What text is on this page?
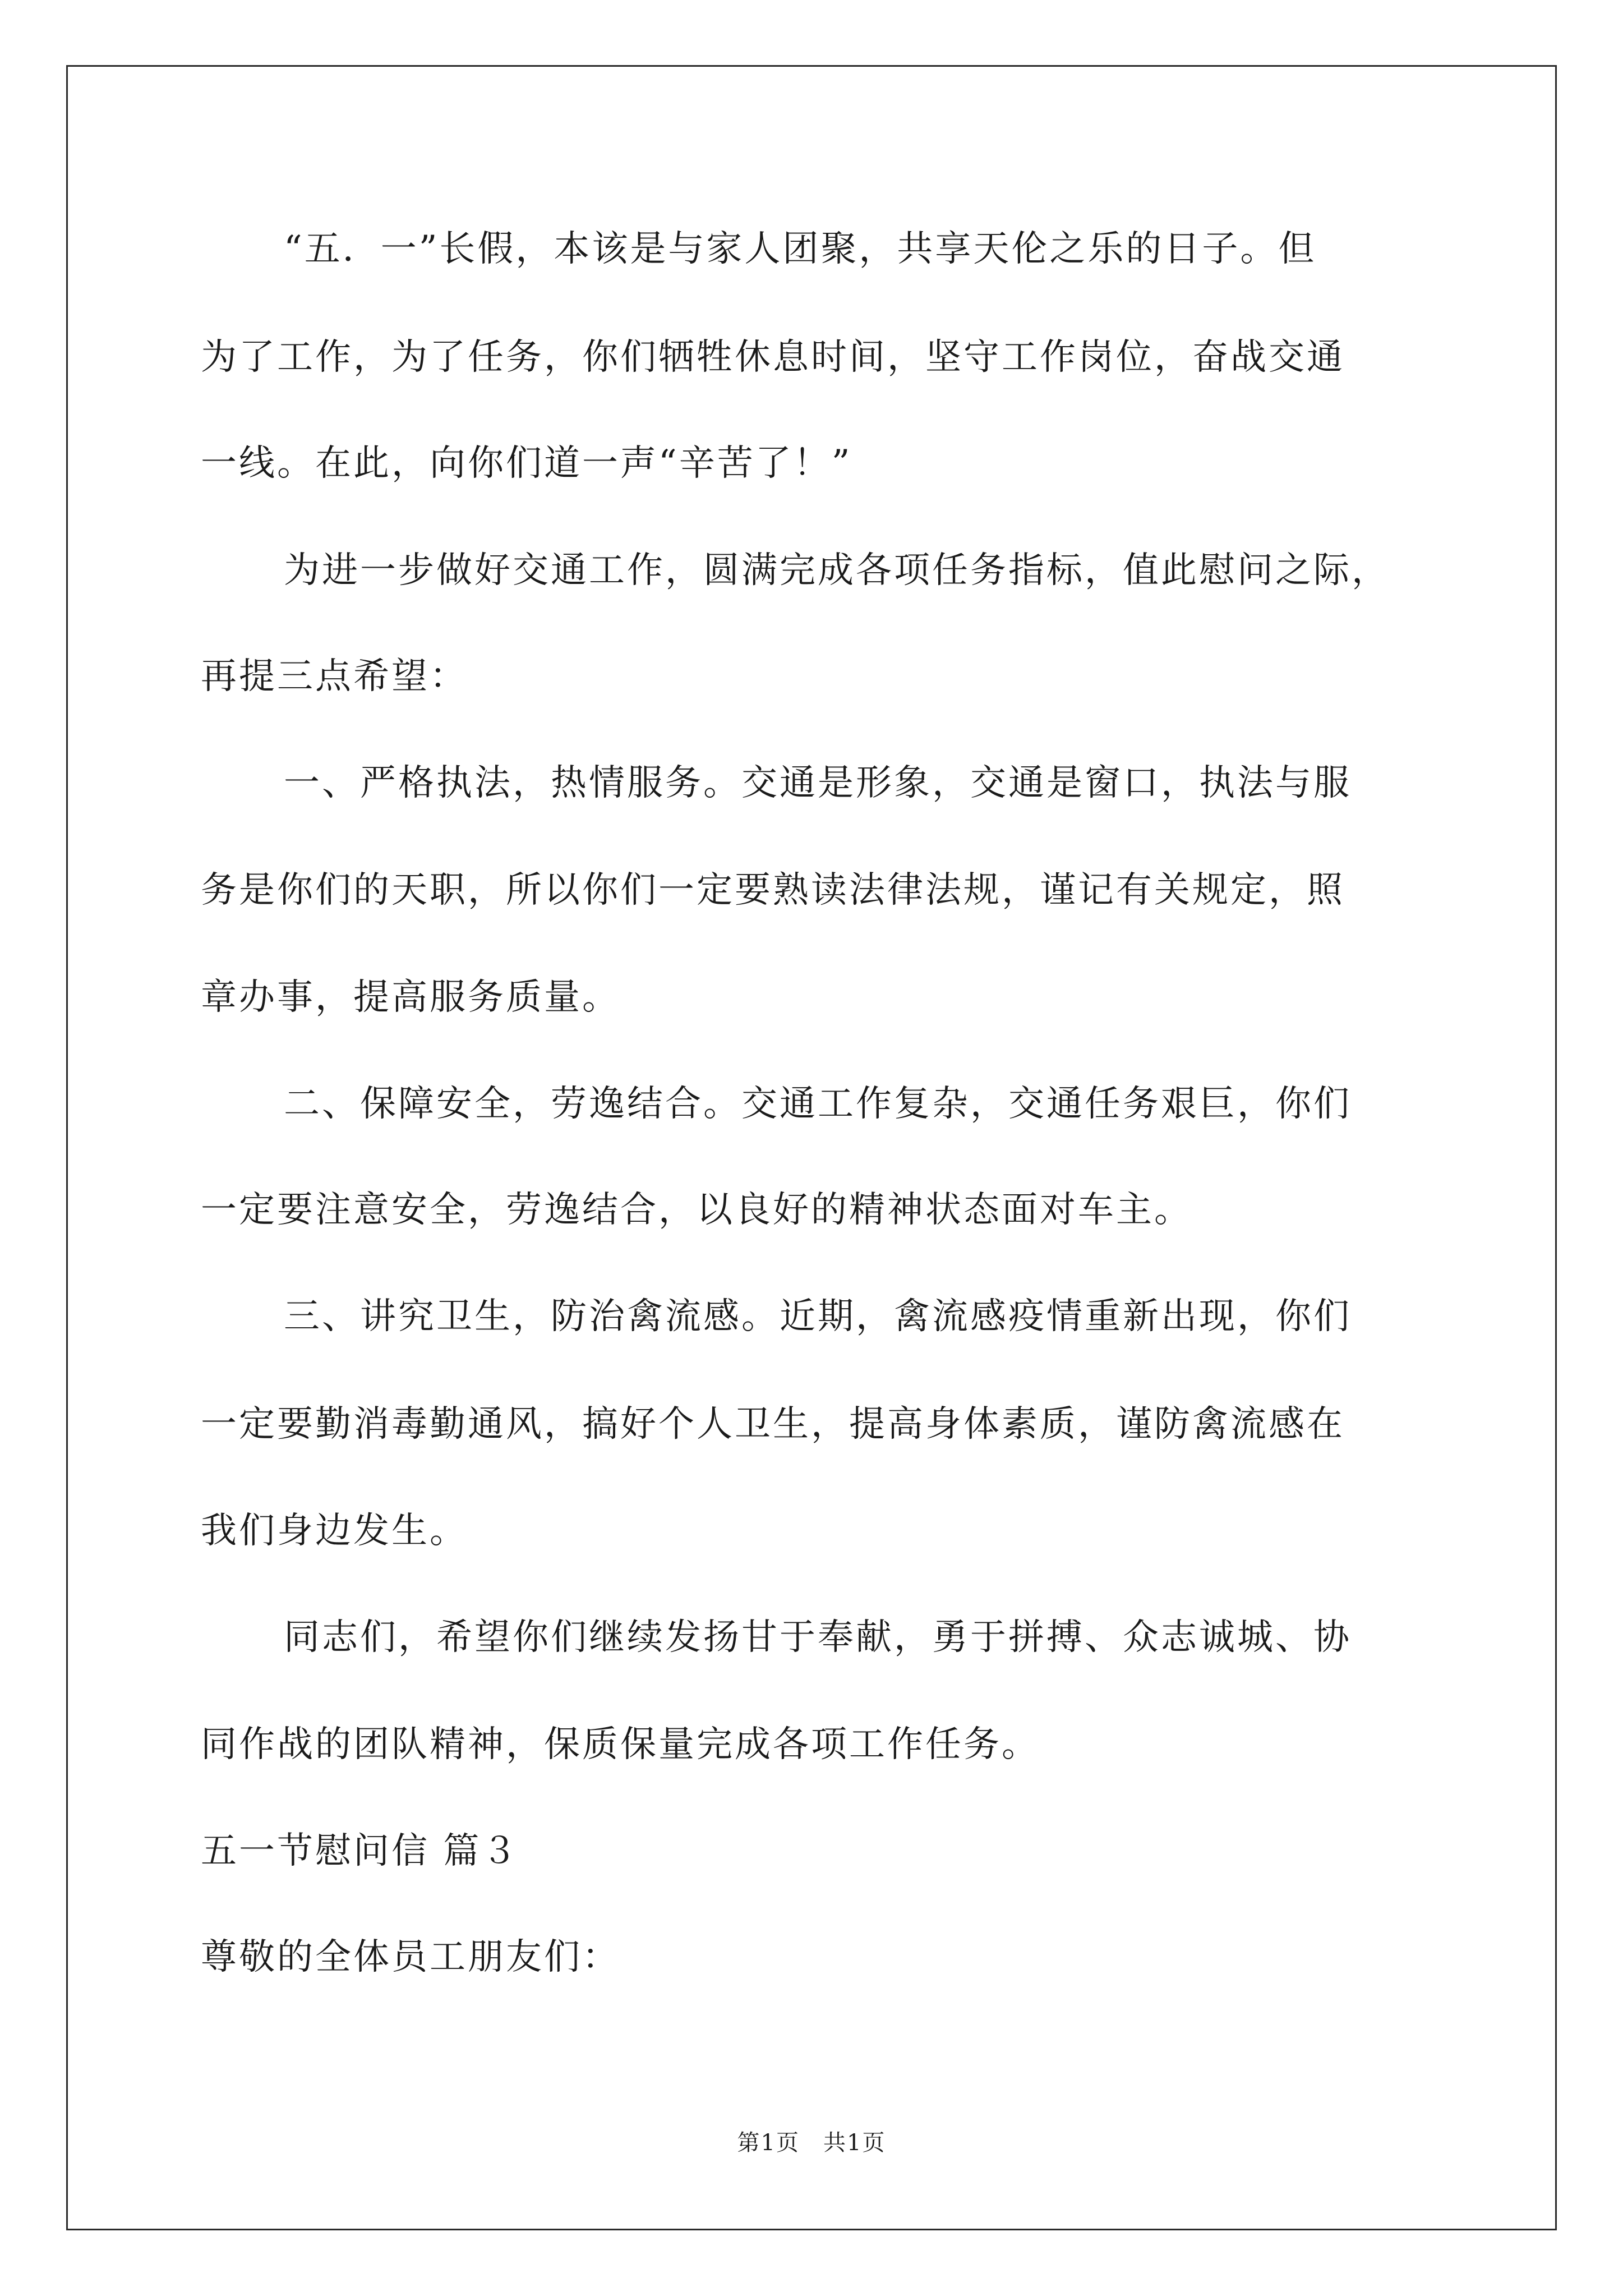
“五．一”长假，本该是与家人团聚，共享天伦之乐的日子。但
为了工作，为了任务，你们牺牲休息时间，坚守工作岗位，奋战交通
一线。在此，向你们道一声“辛苦了！”
为进一步做好交通工作，圆满完成各项任务指标，值此慰问之际，
再提三点希望：
一、严格执法，热情服务。交通是形象，交通是窗口，执法与服
务是你们的天职，所以你们一定要熟读法律法规，谨记有关规定，照
章办事，提高服务质量。
二、保障安全，劳逸结合。交通工作复杂，交通任务艰巨，你们
一定要注意安全，劳逸结合，以良好的精神状态面对车主。
三、讲究卫生，防治禽流感。近期，禽流感疫情重新出现，你们
一定要勤消毒勤通风，搞好个人卫生，提高身体素质，谨防禽流感在
我们身边发生。
同志们，希望你们继续发扬甘于奉献，勇于拼搏、众志诚城、协
同作战的团队精神，保质保量完成各项工作任务。
五一节慰问信 篇３
尊敬的全体员工朋友们：
第1页　共1页
